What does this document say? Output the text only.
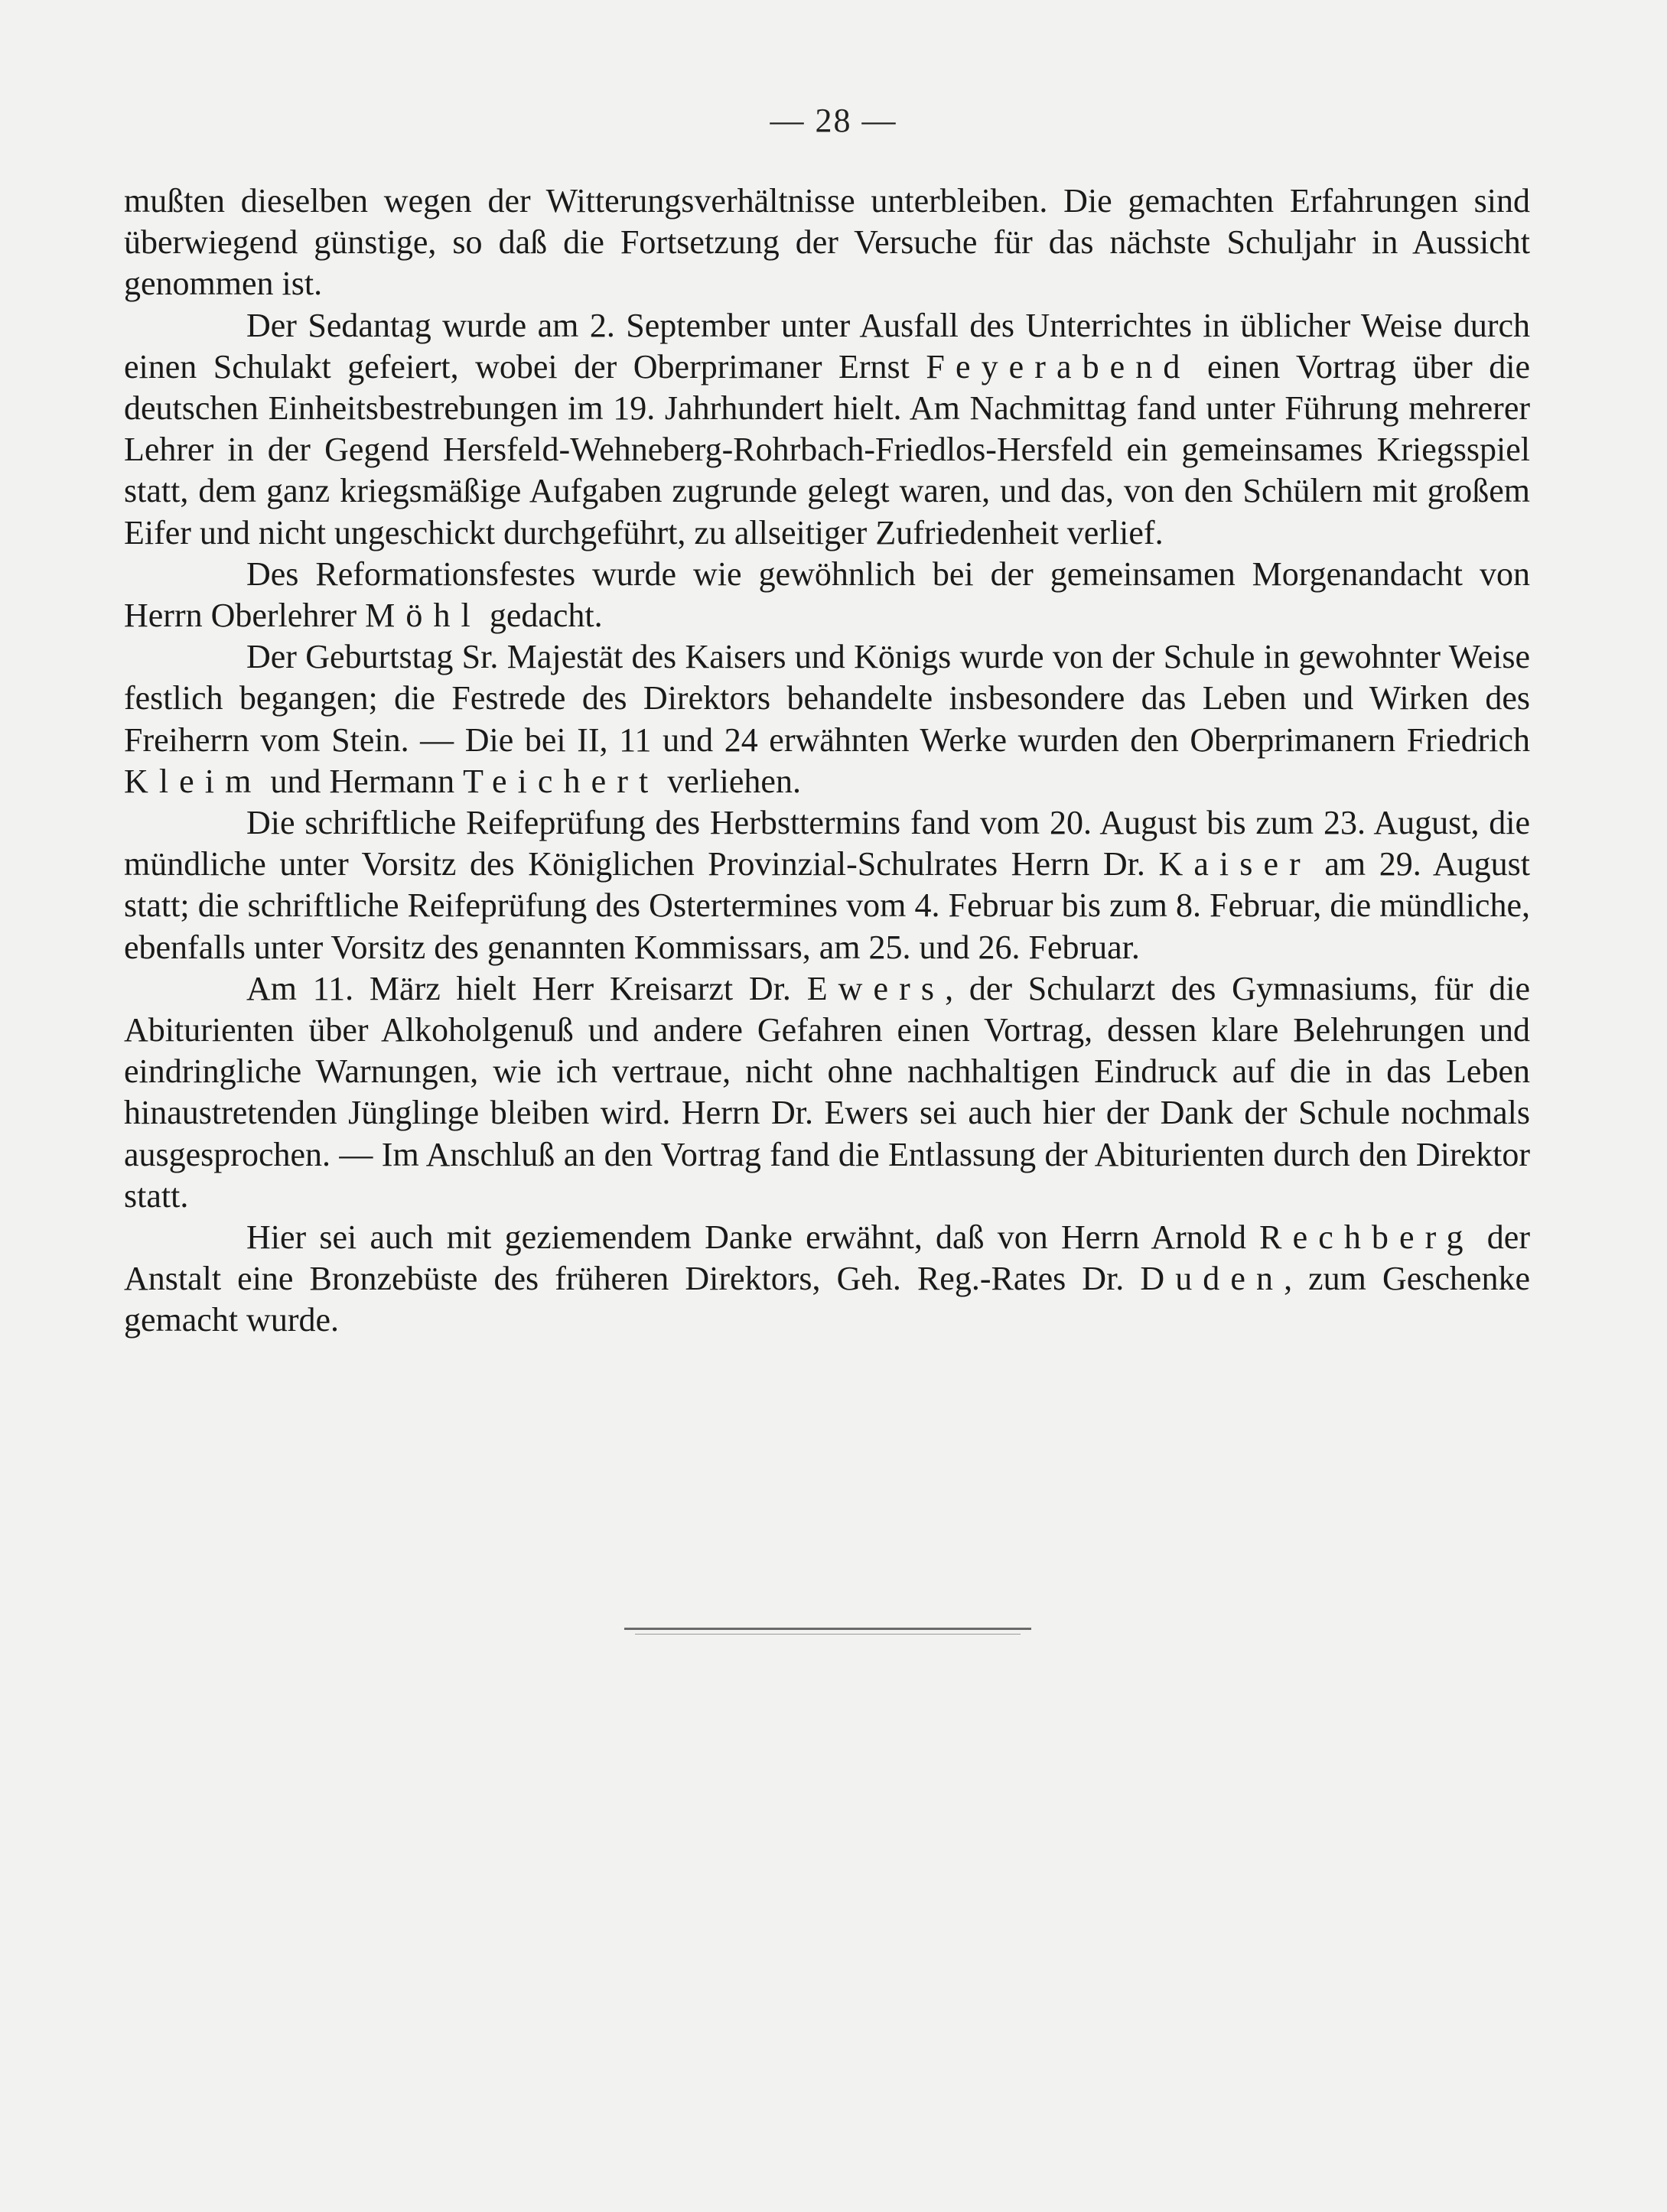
— 28 —

mußten dieselben wegen der Witterungsverhältnisse unterbleiben. Die gemachten Erfahrungen sind überwiegend günstige, so daß die Fortsetzung der Versuche für das nächste Schuljahr in Aussicht genommen ist.

Der Sedantag wurde am 2. September unter Ausfall des Unterrichtes in üblicher Weise durch einen Schulakt gefeiert, wobei der Oberprimaner Ernst Feyerabend einen Vortrag über die deutschen Einheitsbestrebungen im 19. Jahrhundert hielt. Am Nachmittag fand unter Führung mehrerer Lehrer in der Gegend Hersfeld-Wehneberg-Rohrbach-Friedlos-Hersfeld ein gemeinsames Kriegsspiel statt, dem ganz kriegsmäßige Aufgaben zugrunde gelegt waren, und das, von den Schülern mit großem Eifer und nicht ungeschickt durchgeführt, zu allseitiger Zufriedenheit verlief.

Des Reformationsfestes wurde wie gewöhnlich bei der gemeinsamen Morgenandacht von Herrn Oberlehrer Möhl gedacht.

Der Geburtstag Sr. Majestät des Kaisers und Königs wurde von der Schule in gewohnter Weise festlich begangen; die Festrede des Direktors behandelte insbesondere das Leben und Wirken des Freiherrn vom Stein. — Die bei II, 11 und 24 erwähnten Werke wurden den Oberprimanern Friedrich Kleim und Hermann Teichert verliehen.

Die schriftliche Reifeprüfung des Herbsttermins fand vom 20. August bis zum 23. August, die mündliche unter Vorsitz des Königlichen Provinzial-Schulrates Herrn Dr. Kaiser am 29. August statt; die schriftliche Reifeprüfung des Ostertermines vom 4. Februar bis zum 8. Februar, die mündliche, ebenfalls unter Vorsitz des genannten Kommissars, am 25. und 26. Februar.

Am 11. März hielt Herr Kreisarzt Dr. Ewers, der Schularzt des Gymnasiums, für die Abiturienten über Alkoholgenuß und andere Gefahren einen Vortrag, dessen klare Belehrungen und eindringliche Warnungen, wie ich vertraue, nicht ohne nachhaltigen Eindruck auf die in das Leben hinaustretenden Jünglinge bleiben wird. Herrn Dr. Ewers sei auch hier der Dank der Schule nochmals ausgesprochen. — Im Anschluß an den Vortrag fand die Entlassung der Abiturienten durch den Direktor statt.

Hier sei auch mit geziemendem Danke erwähnt, daß von Herrn Arnold Rechberg der Anstalt eine Bronzebüste des früheren Direktors, Geh. Reg.-Rates Dr. Duden, zum Geschenke gemacht wurde.
